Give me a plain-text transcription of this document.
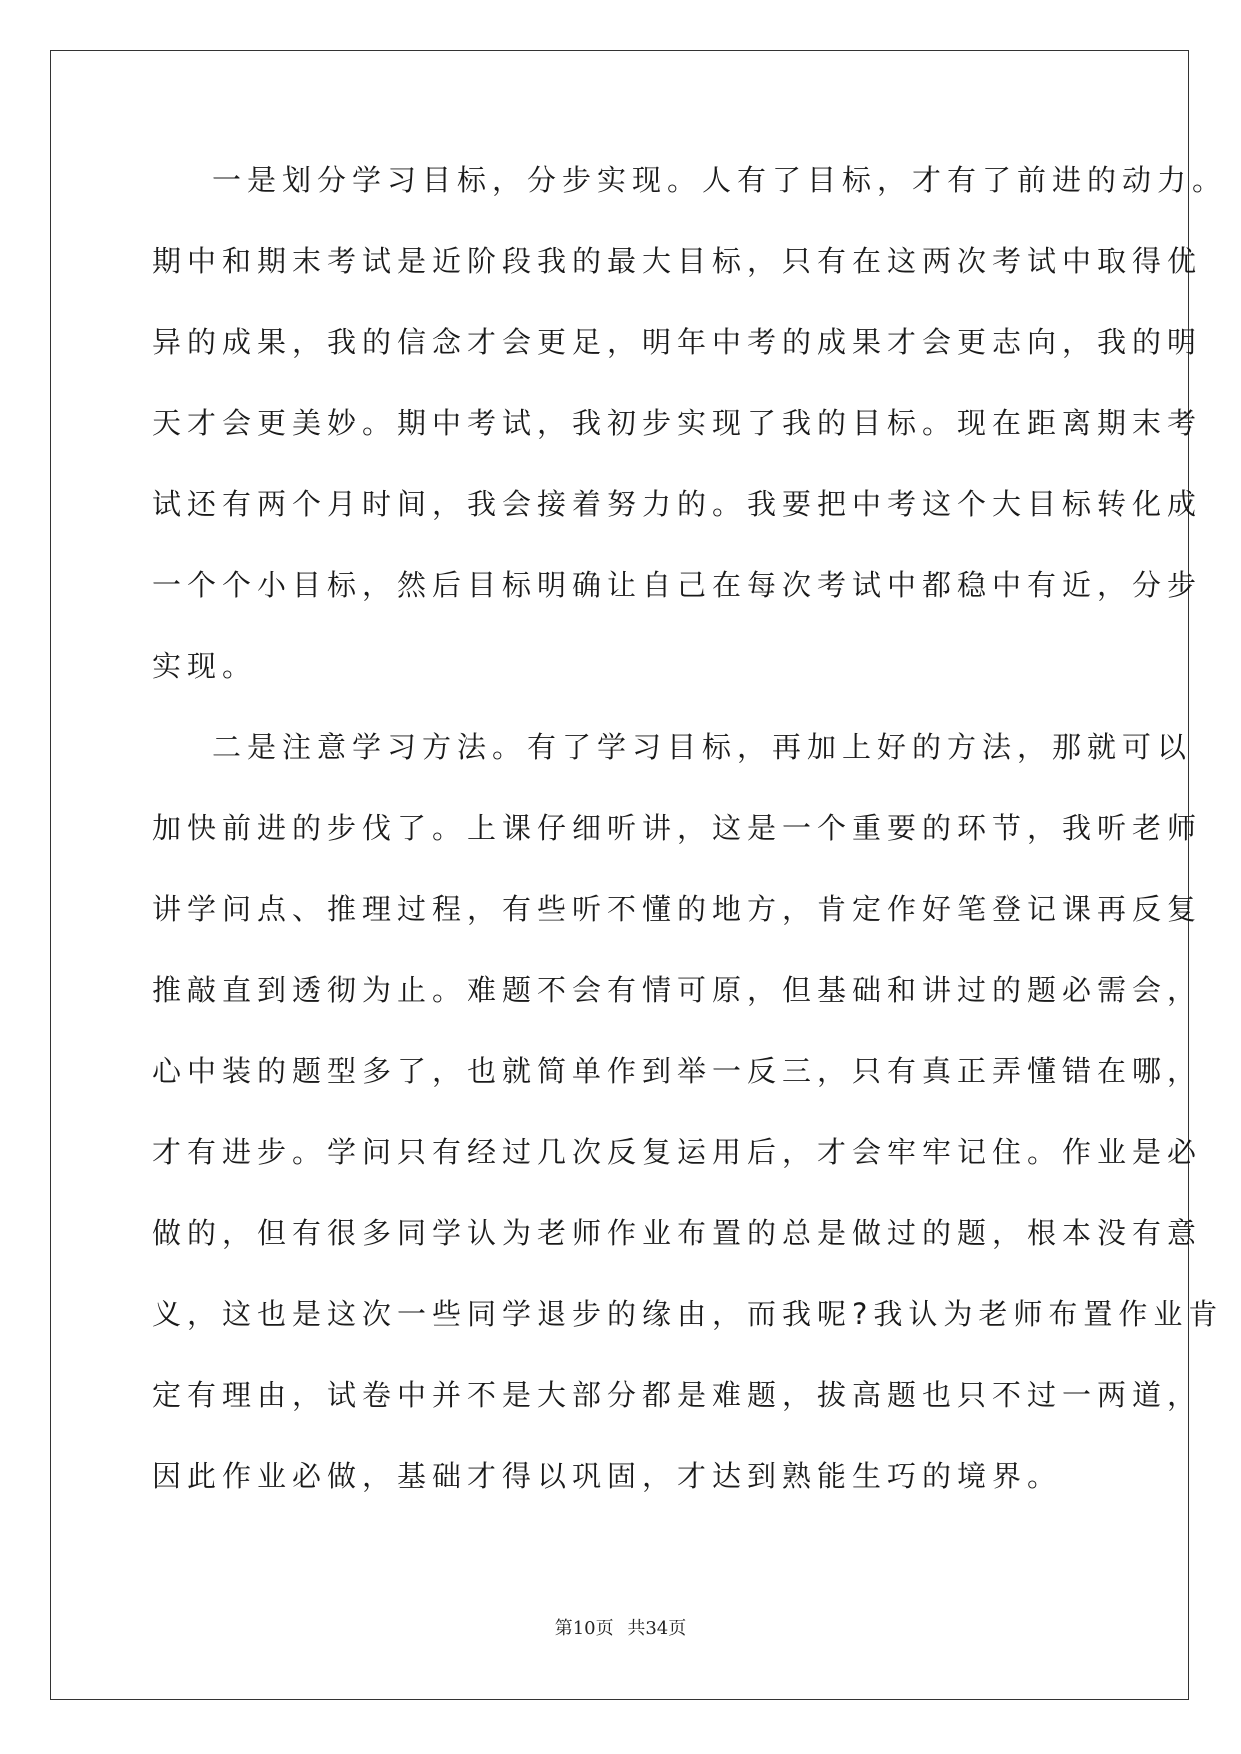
一是划分学习目标，分步实现。人有了目标，才有了前进的动力。
期中和期末考试是近阶段我的最大目标，只有在这两次考试中取得优
异的成果，我的信念才会更足，明年中考的成果才会更志向，我的明
天才会更美妙。期中考试，我初步实现了我的目标。现在距离期末考
试还有两个月时间，我会接着努力的。我要把中考这个大目标转化成
一个个小目标，然后目标明确让自己在每次考试中都稳中有近，分步
实现。
二是注意学习方法。有了学习目标，再加上好的方法，那就可以
加快前进的步伐了。上课仔细听讲，这是一个重要的环节，我听老师
讲学问点、推理过程，有些听不懂的地方，肯定作好笔登记课再反复
推敲直到透彻为止。难题不会有情可原，但基础和讲过的题必需会，
心中装的题型多了，也就简单作到举一反三，只有真正弄懂错在哪，
才有进步。学问只有经过几次反复运用后，才会牢牢记住。作业是必
做的，但有很多同学认为老师作业布置的总是做过的题，根本没有意
义，这也是这次一些同学退步的缘由，而我呢?我认为老师布置作业肯
定有理由，试卷中并不是大部分都是难题，拔高题也只不过一两道，
因此作业必做，基础才得以巩固，才达到熟能生巧的境界。
第10页 共34页
